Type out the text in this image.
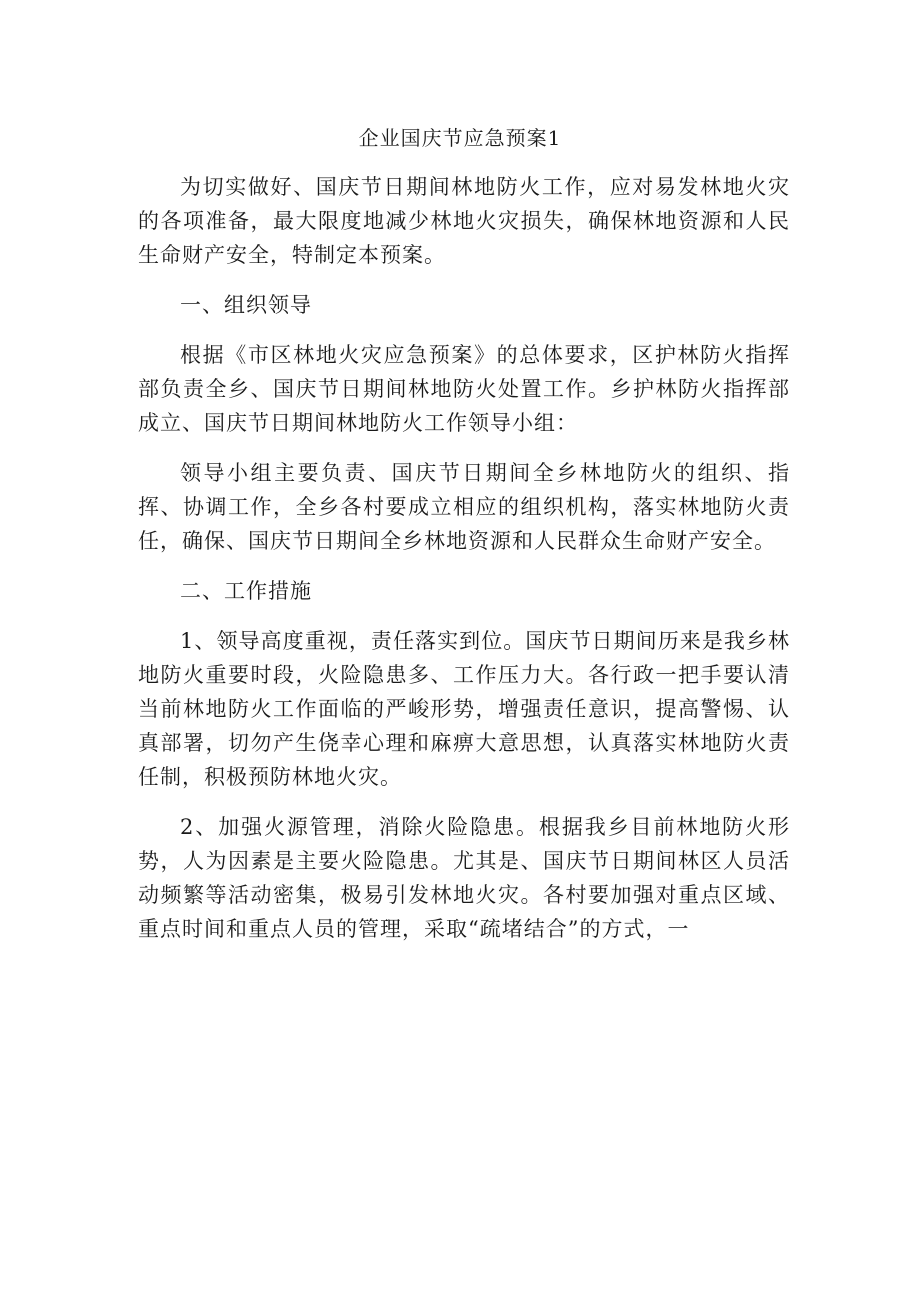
企业国庆节应急预案1

为切实做好、国庆节日期间林地防火工作，应对易发林地火灾的各项准备，最大限度地减少林地火灾损失，确保林地资源和人民生命财产安全，特制定本预案。

一、组织领导

根据《市区林地火灾应急预案》的总体要求，区护林防火指挥部负责全乡、国庆节日期间林地防火处置工作。乡护林防火指挥部成立、国庆节日期间林地防火工作领导小组：

领导小组主要负责、国庆节日期间全乡林地防火的组织、指挥、协调工作，全乡各村要成立相应的组织机构，落实林地防火责任，确保、国庆节日期间全乡林地资源和人民群众生命财产安全。

二、工作措施

1、领导高度重视，责任落实到位。国庆节日期间历来是我乡林地防火重要时段，火险隐患多、工作压力大。各行政一把手要认清当前林地防火工作面临的严峻形势，增强责任意识，提高警惕、认真部署，切勿产生侥幸心理和麻痹大意思想，认真落实林地防火责任制，积极预防林地火灾。

2、加强火源管理，消除火险隐患。根据我乡目前林地防火形势，人为因素是主要火险隐患。尤其是、国庆节日期间林区人员活动频繁等活动密集，极易引发林地火灾。各村要加强对重点区域、重点时间和重点人员的管理，采取“疏堵结合”的方式，一
